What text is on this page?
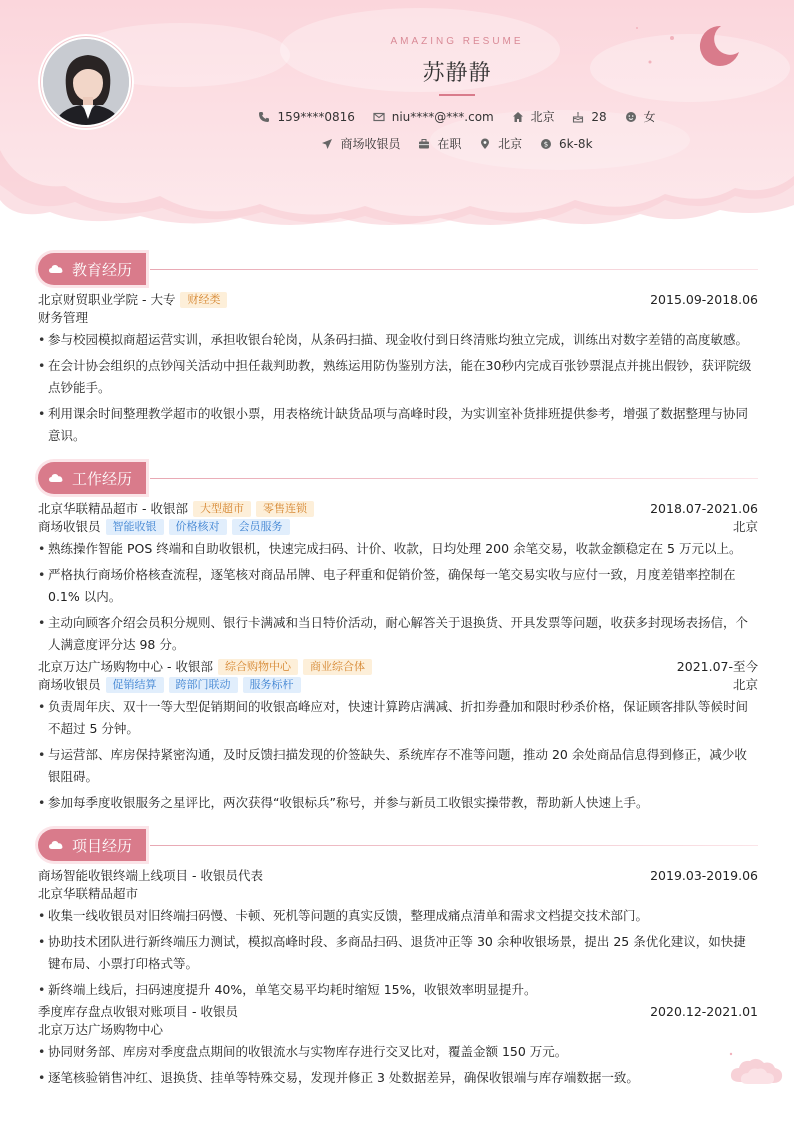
AMAZING RESUME
苏静静
159****0816
	niu****@***.com
	北京
	28
	女
商场收银员
	在职
	北京
	$ 6k-8k
教育经历
北京财贸职业学院 - 大专	财经类	2015.09-2018.06
财务管理
• 参与校园模拟商超运营实训，承担收银台轮岗，从条码扫描、现金收付到日终清账均独立完成，训练出对数字差错的高度敏感。
• 在会计协会组织的点钞闯关活动中担任裁判助教，熟练运用防伪鉴别方法，能在30秒内完成百张钞票混点并挑出假钞，获评院级点钞能手。
• 利用课余时间整理教学超市的收银小票，用表格统计缺货品项与高峰时段，为实训室补货排班提供参考，增强了数据整理与协同意识。
工作经历
北京华联精品超市 - 收银部	大型超市	零售连锁	2018.07-2021.06
商场收银员	智能收银	价格核对	会员服务	北京
• 熟练操作智能 POS 终端和自助收银机，快速完成扫码、计价、收款，日均处理 200 余笔交易，收款金额稳定在 5 万元以上。
• 严格执行商场价格核查流程，逐笔核对商品吊牌、电子秤重和促销价签，确保每一笔交易实收与应付一致，月度差错率控制在 0.1% 以内。
• 主动向顾客介绍会员积分规则、银行卡满减和当日特价活动，耐心解答关于退换货、开具发票等问题，收获多封现场表扬信，个人满意度评分达 98 分。
北京万达广场购物中心 - 收银部	综合购物中心	商业综合体	2021.07-至今
商场收银员	促销结算	跨部门联动	服务标杆	北京
• 负责周年庆、双十一等大型促销期间的收银高峰应对，快速计算跨店满减、折扣券叠加和限时秒杀价格，保证顾客排队等候时间不超过 5 分钟。
• 与运营部、库房保持紧密沟通，及时反馈扫描发现的价签缺失、系统库存不准等问题，推动 20 余处商品信息得到修正，减少收银阻碍。
• 参加每季度收银服务之星评比，两次获得“收银标兵”称号，并参与新员工收银实操带教，帮助新人快速上手。
项目经历
商场智能收银终端上线项目 - 收银员代表	2019.03-2019.06
北京华联精品超市
• 收集一线收银员对旧终端扫码慢、卡顿、死机等问题的真实反馈，整理成痛点清单和需求文档提交技术部门。
• 协助技术团队进行新终端压力测试，模拟高峰时段、多商品扫码、退货冲正等 30 余种收银场景，提出 25 条优化建议，如快捷键布局、小票打印格式等。
• 新终端上线后，扫码速度提升 40%，单笔交易平均耗时缩短 15%，收银效率明显提升。
季度库存盘点收银对账项目 - 收银员	2020.12-2021.01
北京万达广场购物中心
• 协同财务部、库房对季度盘点期间的收银流水与实物库存进行交叉比对，覆盖金额 150 万元。
• 逐笔核验销售冲红、退换货、挂单等特殊交易，发现并修正 3 处数据差异，确保收银端与库存端数据一致。
